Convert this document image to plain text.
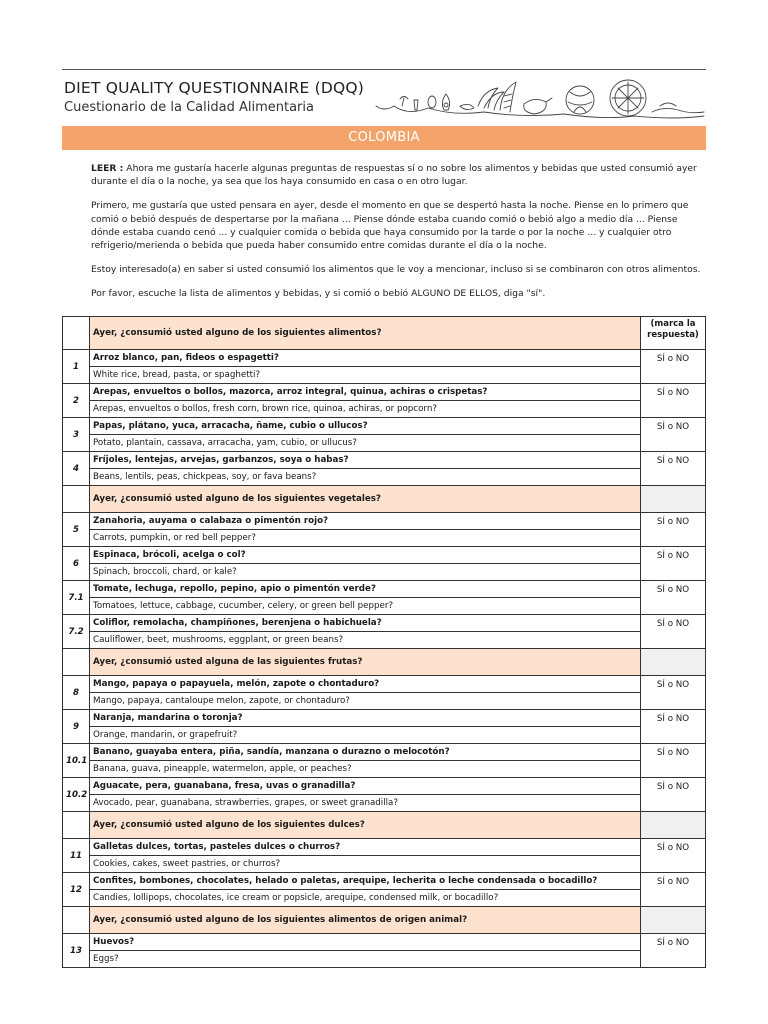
DIET QUALITY QUESTIONNAIRE (DQQ)
Cuestionario de la Calidad Alimentaria
COLOMBIA

LEER : Ahora me gustaría hacerle algunas preguntas de respuestas sí o no sobre los alimentos y bebidas que usted consumió ayer durante el día o la noche, ya sea que los haya consumido en casa o en otro lugar.

Primero, me gustaría que usted pensara en ayer, desde el momento en que se despertó hasta la noche. Piense en lo primero que comió o bebió después de despertarse por la mañana ... Piense dónde estaba cuando comió o bebió algo a medio día ... Piense dónde estaba cuando cenó ... y cualquier comida o bebida que haya consumido por la tarde o por la noche ... y cualquier otro refrigerio/merienda o bebida que pueda haber consumido entre comidas durante el día o la noche.

Estoy interesado(a) en saber si usted consumió los alimentos que le voy a mencionar, incluso si se combinaron con otros alimentos.

Por favor, escuche la lista de alimentos y bebidas, y si comió o bebió ALGUNO DE ELLOS, diga "sí".

	Ayer, ¿consumió usted alguno de los siguientes alimentos?	(marca la respuesta)
1	Arroz blanco, pan, fideos o espagetti?
White rice, bread, pasta, or spaghetti?	SÍ o NO
2	Arepas, envueltos o bollos, mazorca, arroz integral, quinua, achiras o crispetas?
Arepas, envueltos o bollos, fresh corn, brown rice, quinoa, achiras, or popcorn?	SÍ o NO
3	Papas, plátano, yuca, arracacha, ñame, cubio o ullucos?
Potato, plantain, cassava, arracacha, yam, cubio, or ullucus?	SÍ o NO
4	Fríjoles, lentejas, arvejas, garbanzos, soya o habas?
Beans, lentils, peas, chickpeas, soy, or fava beans?	SÍ o NO

	Ayer, ¿consumió usted alguno de los siguientes vegetales?	

5	Zanahoria, auyama o calabaza o pimentón rojo?
Carrots, pumpkin, or red bell pepper?	SÍ o NO
6	Espinaca, brócoli, acelga o col?
Spinach, broccoli, chard, or kale?	SÍ o NO
7.1	Tomate, lechuga, repollo, pepino, apio o pimentón verde?
Tomatoes, lettuce, cabbage, cucumber, celery, or green bell pepper?	SÍ o NO
7.2	Coliflor, remolacha, champiñones, berenjena o habichuela?
Cauliflower, beet, mushrooms, eggplant, or green beans?	SÍ o NO

	Ayer, ¿consumió usted alguna de las siguientes frutas?	

8	Mango, papaya o papayuela, melón, zapote o chontaduro?
Mango, papaya, cantaloupe melon, zapote, or chontaduro?	SÍ o NO
9	Naranja, mandarina o toronja?
Orange, mandarin, or grapefruit?	SÍ o NO
10.1	Banano, guayaba entera, piña, sandía, manzana o durazno o melocotón?
Banana, guava, pineapple, watermelon, apple, or peaches?	SÍ o NO
10.2	Aguacate, pera, guanabana, fresa, uvas o granadilla?
Avocado, pear, guanabana, strawberries, grapes, or sweet granadilla?	SÍ o NO

	Ayer, ¿consumió usted alguno de los siguientes dulces?	

11	Galletas dulces, tortas, pasteles dulces o churros?
Cookies, cakes, sweet pastries, or churros?	SÍ o NO
12	Confites, bombones, chocolates, helado o paletas, arequipe, lecherita o leche condensada o bocadillo?
Candies, lollipops, chocolates, ice cream or popsicle, arequipe, condensed milk, or bocadillo?	SÍ o NO

	Ayer, ¿consumió usted alguno de los siguientes alimentos de origen animal?	

13	Huevos?
Eggs?	SÍ o NO
